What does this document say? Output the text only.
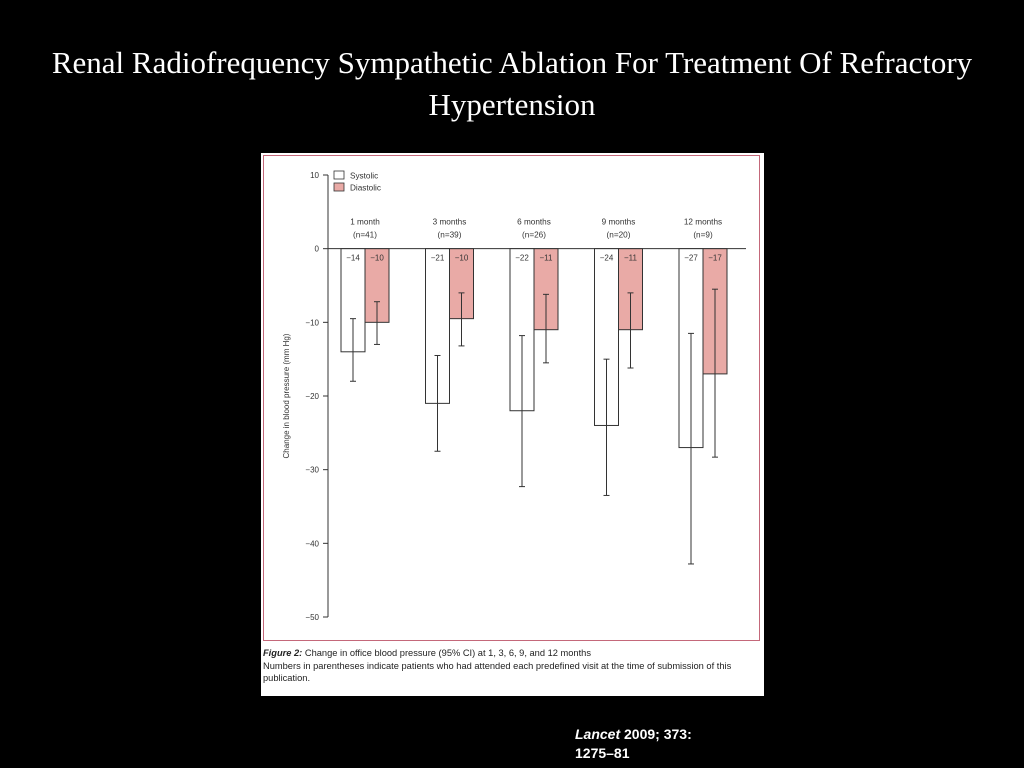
Renal Radiofrequency Sympathetic Ablation For Treatment Of Refractory Hypertension
10
0
−10
−20
−30
−40
−50
Change in blood pressure (mm Hg)
Systolic
Diastolic
1 month
(n=41)
−14 −10
3 months
(n=39)
−21 −10
6 months
(n=26)
−22 −11
9 months
(n=20)
−24 −11
12 months
(n=9)
−27 −17
Figure 2: Change in office blood pressure (95% CI) at 1, 3, 6, 9, and 12 months
Numbers in parentheses indicate patients who had attended each predefined visit at the time of submission of this publication.
Lancet 2009; 373:
1275–81
